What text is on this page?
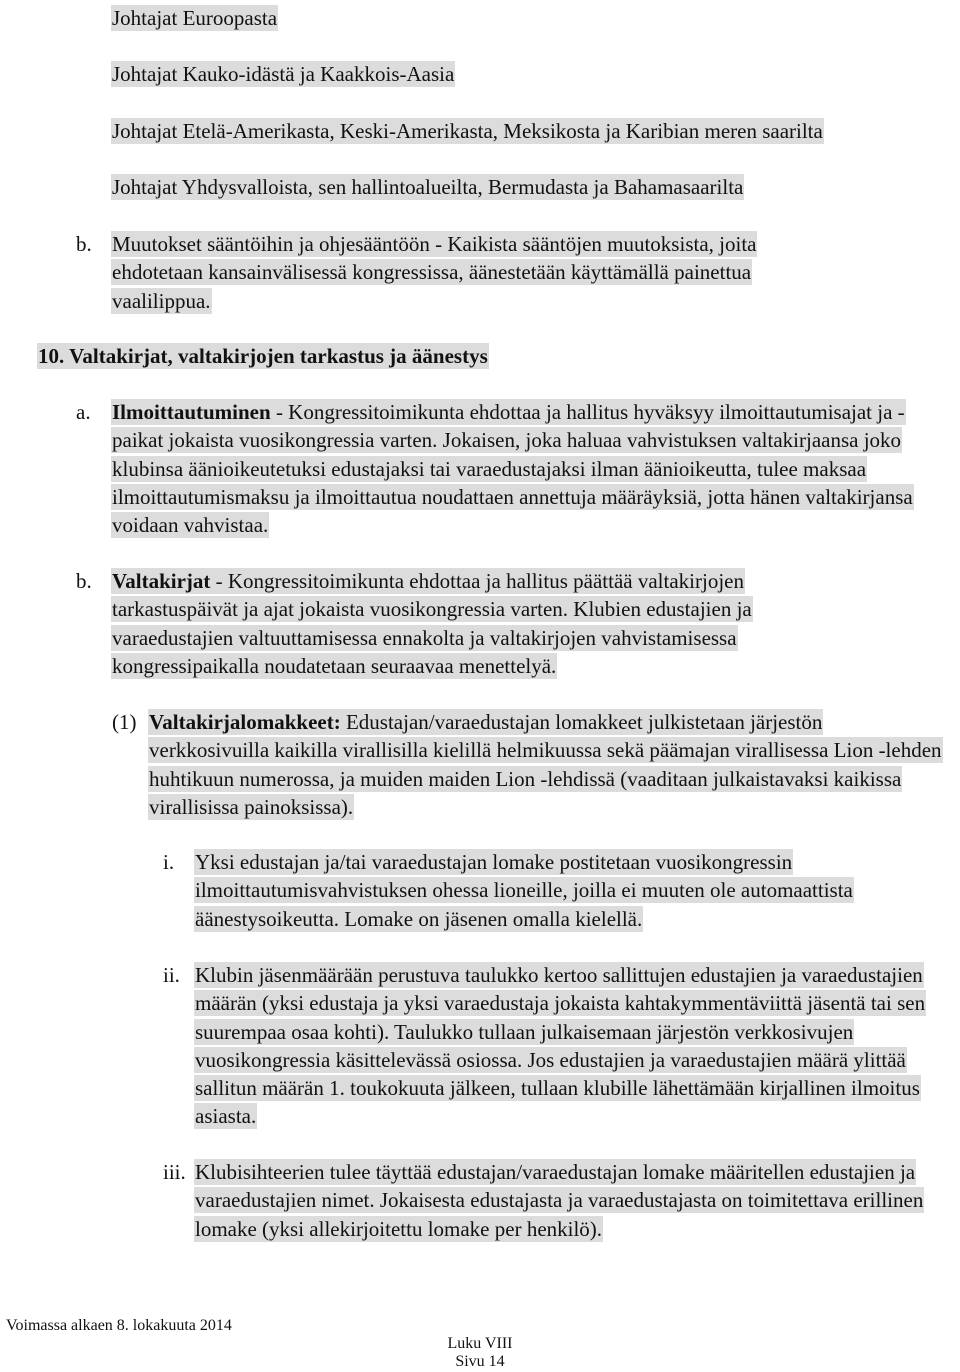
Johtajat Euroopasta
Johtajat Kauko-idästä ja Kaakkois-Aasia
Johtajat Etelä-Amerikasta, Keski-Amerikasta, Meksikosta ja Karibian meren saarilta
Johtajat Yhdysvalloista, sen hallintoalueilta, Bermudasta ja Bahamasaarilta
b. Muutokset sääntöihin ja ohjesääntöön - Kaikista sääntöjen muutoksista, joita ehdotetaan kansainvälisessä kongressissa, äänestetään käyttämällä painettua vaalilippua.
10. Valtakirjat, valtakirjojen tarkastus ja äänestys
a. Ilmoittautuminen - Kongressitoimikunta ehdottaa ja hallitus hyväksyy ilmoittautumisajat ja - paikat jokaista vuosikongressia varten. Jokaisen, joka haluaa vahvistuksen valtakirjaansa joko klubinsa äänioikeutetuksi edustajaksi tai varaedustajaksi ilman äänioikeutta, tulee maksaa ilmoittautumismaksu ja ilmoittautua noudattaen annettuja määräyksiä, jotta hänen valtakirjansa voidaan vahvistaa.
b. Valtakirjat - Kongressitoimikunta ehdottaa ja hallitus päättää valtakirjojen tarkastuspäivät ja ajat jokaista vuosikongressia varten. Klubien edustajien ja varaedustajien valtuuttamisessa ennakolta ja valtakirjojen vahvistamisessa kongressipaikalla noudatetaan seuraavaa menettelyä.
(1) Valtakirjalomakkeet: Edustajan/varaedustajan lomakkeet julkistetaan järjestön verkkosivuilla kaikilla virallisilla kielillä helmikuussa sekä päämajan virallisessa Lion -lehden huhtikuun numerossa, ja muiden maiden Lion -lehdissä (vaaditaan julkaistavaksi kaikissa virallisissa painoksissa).
i. Yksi edustajan ja/tai varaedustajan lomake postitetaan vuosikongressin ilmoittautumisvahvistuksen ohessa lioneille, joilla ei muuten ole automaattista äänestysoikeutta. Lomake on jäsenen omalla kielellä.
ii. Klubin jäsenmäärään perustuva taulukko kertoo sallittujen edustajien ja varaedustajien määrän (yksi edustaja ja yksi varaedustaja jokaista kahtakymmentäviittä jäsentä tai sen suurempaa osaa kohti). Taulukko tullaan julkaisemaan järjestön verkkosivujen vuosikongressia käsittelevässä osiossa. Jos edustajien ja varaedustajien määrä ylittää sallitun määrän 1. toukokuuta jälkeen, tullaan klubille lähettämään kirjallinen ilmoitus asiasta.
iii. Klubisihteerien tulee täyttää edustajan/varaedustajan lomake määritellen edustajien ja varaedustajien nimet. Jokaisesta edustajasta ja varaedustajasta on toimitettava erillinen lomake (yksi allekirjoitettu lomake per henkilö).
Voimassa alkaen 8. lokakuuta 2014
Luku VIII
Sivu 14
